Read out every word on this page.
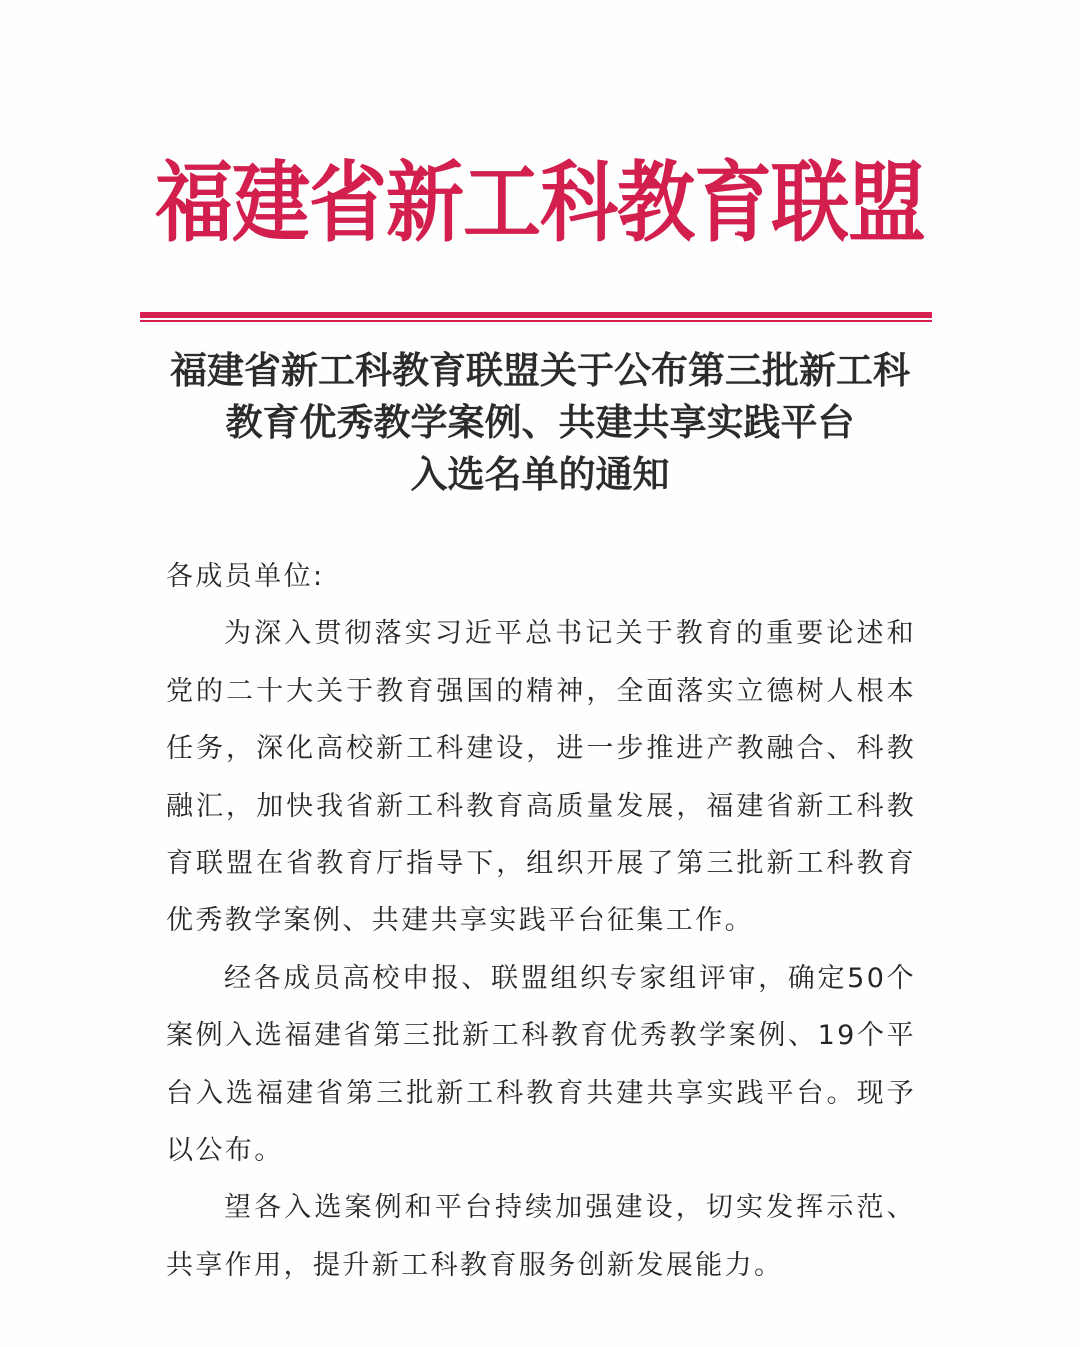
福建省新工科教育联盟
福建省新工科教育联盟关于公布第三批新工科
教育优秀教学案例、共建共享实践平台
入选名单的通知

各成员单位:

为深入贯彻落实习近平总书记关于教育的重要论述和党的二十大关于教育强国的精神，全面落实立德树人根本任务，深化高校新工科建设，进一步推进产教融合、科教融汇，加快我省新工科教育高质量发展，福建省新工科教育联盟在省教育厅指导下，组织开展了第三批新工科教育优秀教学案例、共建共享实践平台征集工作。

经各成员高校申报、联盟组织专家组评审，确定50个案例入选福建省第三批新工科教育优秀教学案例、19个平台入选福建省第三批新工科教育共建共享实践平台。现予以公布。

望各入选案例和平台持续加强建设，切实发挥示范、共享作用，提升新工科教育服务创新发展能力。
